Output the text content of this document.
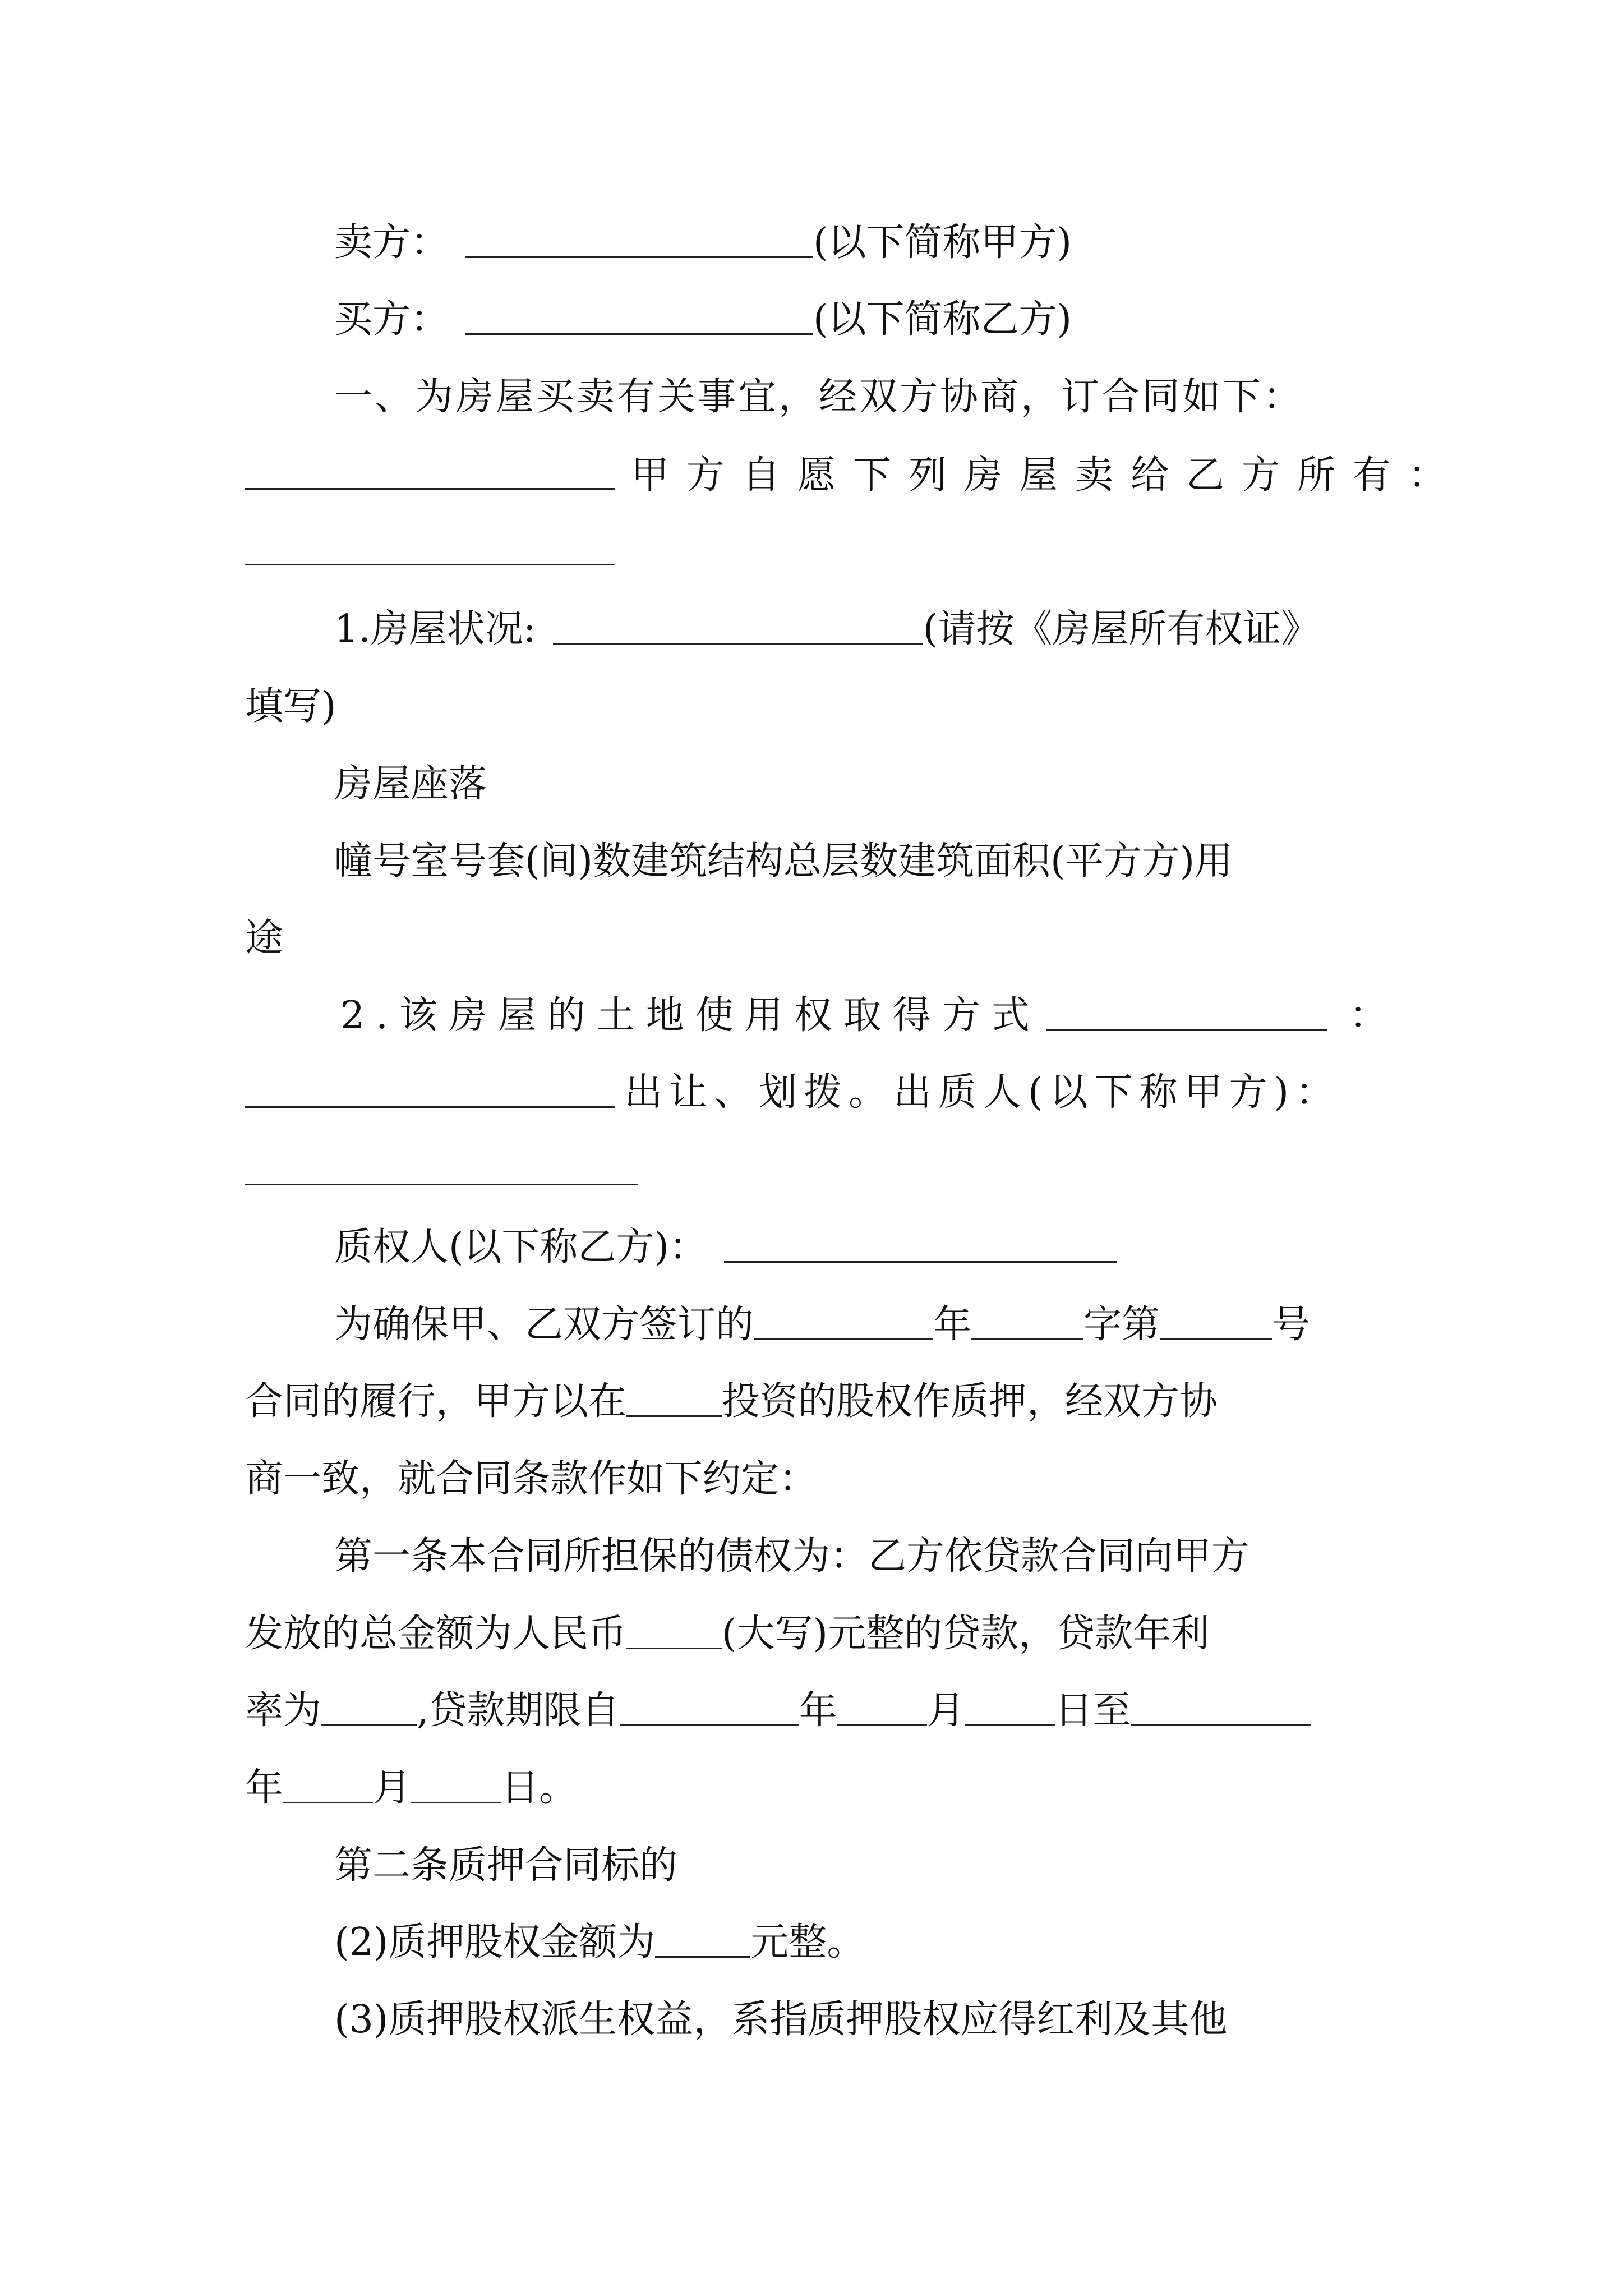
卖方：	(以下简称甲方)
买方：	(以下简称乙方)
一、为房屋买卖有关事宜，经双方协商，订合同如下：
甲方自愿下列房屋卖给乙方所有：
1.房屋状况:	(请按《房屋所有权证》
填写)
房屋座落
幢号室号套(间)数建筑结构总层数建筑面积(平方方)用
途
2.该房屋的土地使用权取得方式	：
出让、划拨。出质人(以下称甲方)：
质权人(以下称乙方)：
为确保甲、乙双方签订的	年	字第	号
合同的履行，甲方以在	投资的股权作质押，经双方协
商一致，就合同条款作如下约定：
第一条本合同所担保的债权为：乙方依贷款合同向甲方
发放的总金额为人民币	(大写)元整的贷款，贷款年利
率为	,贷款期限自	年 月 日至
年 月 日。
第二条质押合同标的
(2)质押股权金额为	元整。
(3)质押股权派生权益，系指质押股权应得红利及其他
